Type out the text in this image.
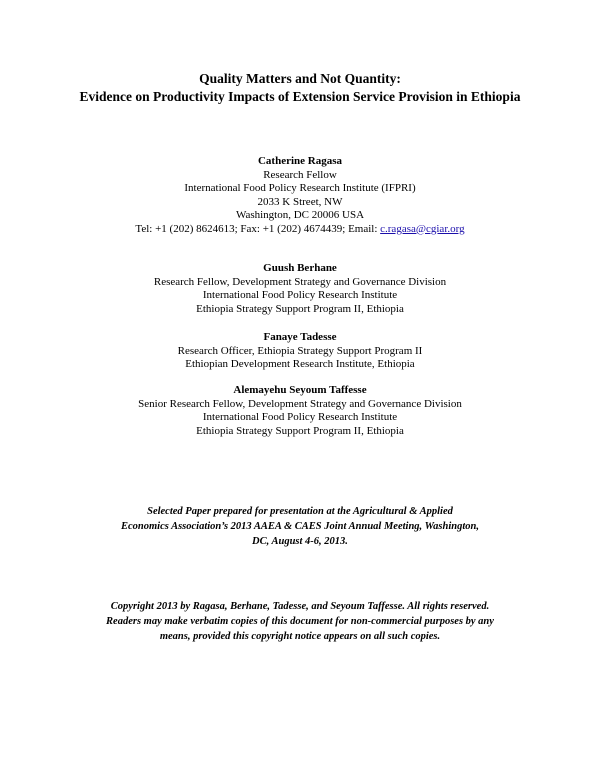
Quality Matters and Not Quantity:
Evidence on Productivity Impacts of Extension Service Provision in Ethiopia
Catherine Ragasa
Research Fellow
International Food Policy Research Institute (IFPRI)
2033 K Street, NW
Washington, DC 20006 USA
Tel: +1 (202) 8624613; Fax: +1 (202) 4674439; Email: c.ragasa@cgiar.org
Guush Berhane
Research Fellow, Development Strategy and Governance Division
International Food Policy Research Institute
Ethiopia Strategy Support Program II, Ethiopia
Fanaye Tadesse
Research Officer, Ethiopia Strategy Support Program II
Ethiopian Development Research Institute, Ethiopia
Alemayehu Seyoum Taffesse
Senior Research Fellow, Development Strategy and Governance Division
International Food Policy Research Institute
Ethiopia Strategy Support Program II, Ethiopia
Selected Paper prepared for presentation at the Agricultural & Applied
Economics Association’s 2013 AAEA & CAES Joint Annual Meeting, Washington,
DC, August 4-6, 2013.
Copyright 2013 by Ragasa, Berhane, Tadesse, and Seyoum Taffesse. All rights reserved.
Readers may make verbatim copies of this document for non-commercial purposes by any
means, provided this copyright notice appears on all such copies.
